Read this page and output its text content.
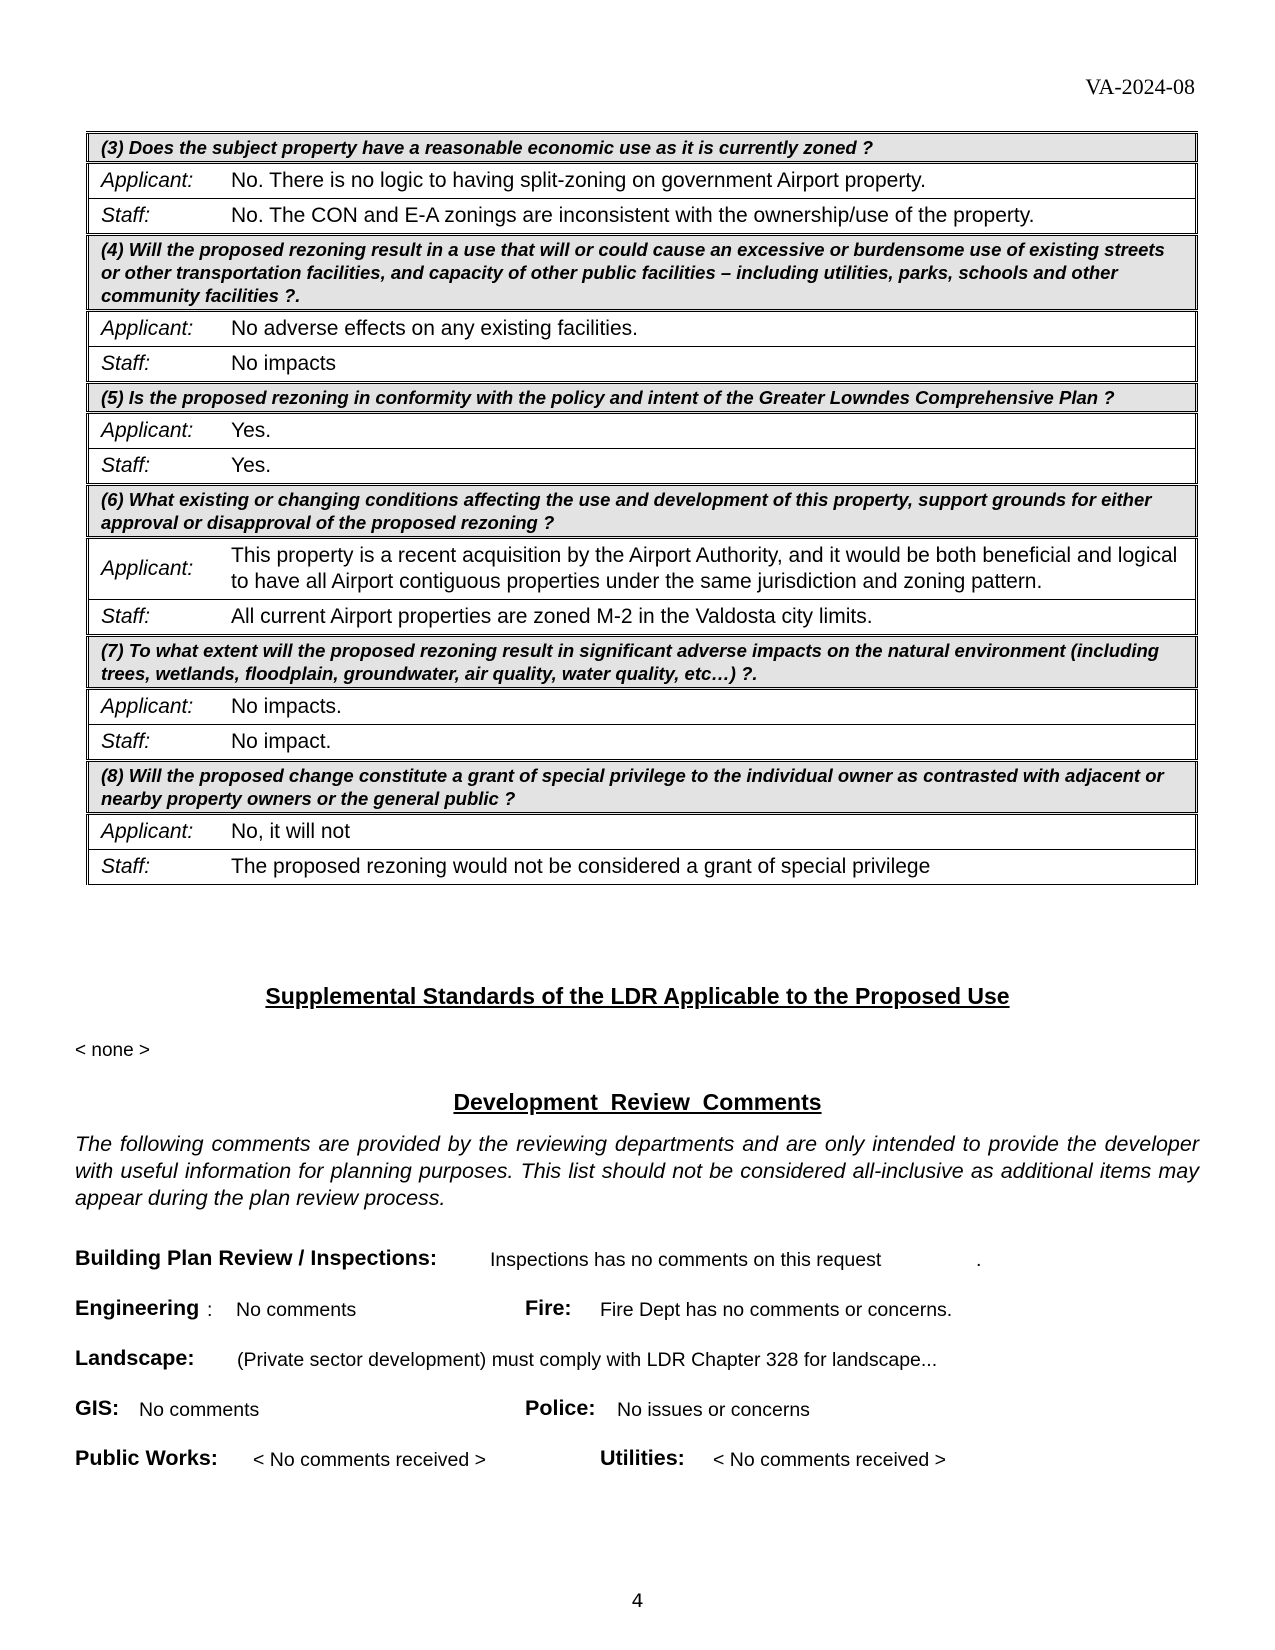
VA-2024-08
(3) Does the subject property have a reasonable economic use as it is currently zoned ?	
Applicant:	No. There is no logic to having split-zoning on government Airport property.
Staff:	No. The CON and E-A zonings are inconsistent with the ownership/use of the property.
(4) Will the proposed rezoning result in a use that will or could cause an excessive or burdensome use of existing streets or other transportation facilities, and capacity of other public facilities – including utilities, parks, schools and other community facilities ?.	
Applicant:	No adverse effects on any existing facilities.
Staff:	No impacts
(5) Is the proposed rezoning in conformity with the policy and intent of the Greater Lowndes Comprehensive Plan ?	
Applicant:	Yes.
Staff:	Yes.
(6) What existing or changing conditions affecting the use and development of this property, support grounds for either approval or disapproval of the proposed rezoning ?	
Applicant:	This property is a recent acquisition by the Airport Authority, and it would be both beneficial and logical to have all Airport contiguous properties under the same jurisdiction and zoning pattern.
Staff:	All current Airport properties are zoned M-2 in the Valdosta city limits.
(7) To what extent will the proposed rezoning result in significant adverse impacts on the natural environment (including trees, wetlands, floodplain, groundwater, air quality, water quality, etc…) ?.	
Applicant:	No impacts.
Staff:	No impact.
(8) Will the proposed change constitute a grant of special privilege to the individual owner as contrasted with adjacent or nearby property owners or the general public ?	
Applicant:	No, it will not
Staff:	The proposed rezoning would not be considered a grant of special privilege
Supplemental Standards of the LDR Applicable to the Proposed Use
< none >
Development  Review  Comments
The following comments are provided by the reviewing departments and are only intended to provide the developer with useful information for planning purposes. This list should not be considered all-inclusive as additional items may appear during the plan review process.
Building Plan Review / Inspections:	Inspections has no comments on this request	.
Engineering : No comments	Fire: Fire Dept has no comments or concerns.
Landscape: (Private sector development) must comply with LDR Chapter 328 for landscape...
GIS: No comments	Police: No issues or concerns
Public Works: < No comments received >	Utilities: < No comments received >
4
